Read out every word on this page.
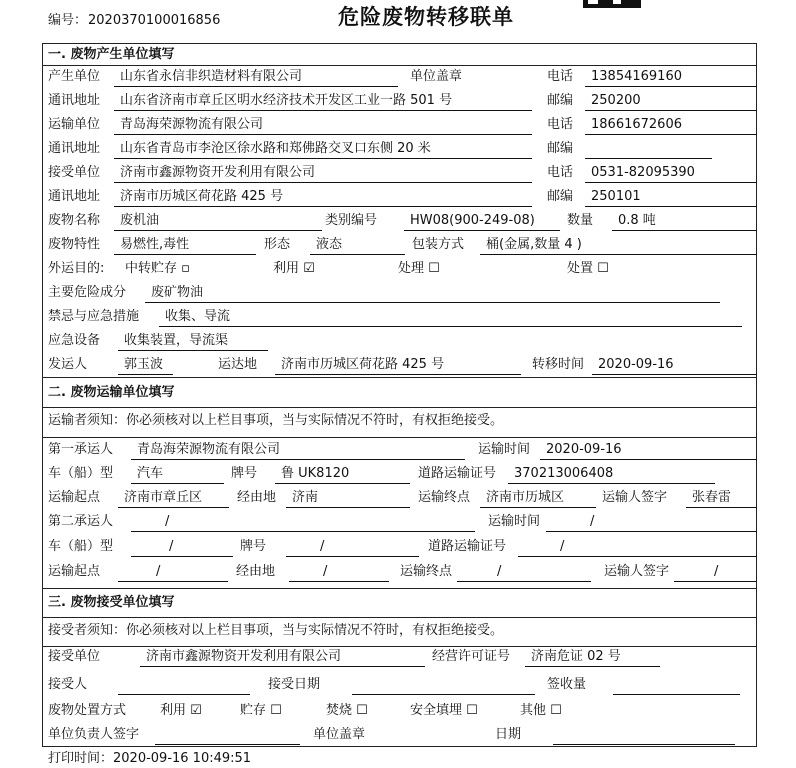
编号： 2020370100016856	危险废物转移联单
一. 废物产生单位填写
产生单位	山东省永信非织造材料有限公司	单位盖章	电话	13854169160
通讯地址	山东省济南市章丘区明水经济技术开发区工业一路 501 号	邮编	250200
运输单位	青岛海荣源物流有限公司	电话	18661672606
通讯地址	山东省青岛市李沧区徐水路和郑佛路交叉口东侧 20 米	邮编
接受单位	济南市鑫源物资开发利用有限公司	电话	0531-82095390
通讯地址	济南市历城区荷花路 425 号	邮编	250101
废物名称	废机油	类别编号	HW08(900-249-08)	数量	0.8 吨
废物特性	易燃性,毒性	形态	液态	包装方式	桶(金属,数量 4 )
外运目的: 中转贮存 ▫	利用 ☑	处理 ☐	处置 ☐
主要危险成分	废矿物油
禁忌与应急措施	收集、导流
应急设备	收集装置，导流渠
发运人	郭玉波	运达地	济南市历城区荷花路 425 号	转移时间	2020-09-16
二. 废物运输单位填写
运输者须知：你必须核对以上栏目事项，当与实际情况不符时，有权拒绝接受。
第一承运人	青岛海荣源物流有限公司	运输时间	2020-09-16
车（船）型	汽车	牌号	鲁 UK8120	道路运输证号	370213006408
运输起点	济南市章丘区	经由地	济南	运输终点	济南市历城区	运输人签字	张春雷
第二承运人	/	运输时间	/
车（船）型	/	牌号	/	道路运输证号	/
运输起点	/	经由地	/	运输终点	/	运输人签字	/
三. 废物接受单位填写
接受者须知：你必须核对以上栏目事项，当与实际情况不符时，有权拒绝接受。
接受单位	济南市鑫源物资开发利用有限公司	经营许可证号	济南危证 02 号
接受人	接受日期	签收量
废物处置方式	利用 ☑	贮存 ☐	焚烧 ☐	安全填埋 ☐	其他 ☐
单位负责人签字	单位盖章	日期
打印时间：2020-09-16 10:49:51
